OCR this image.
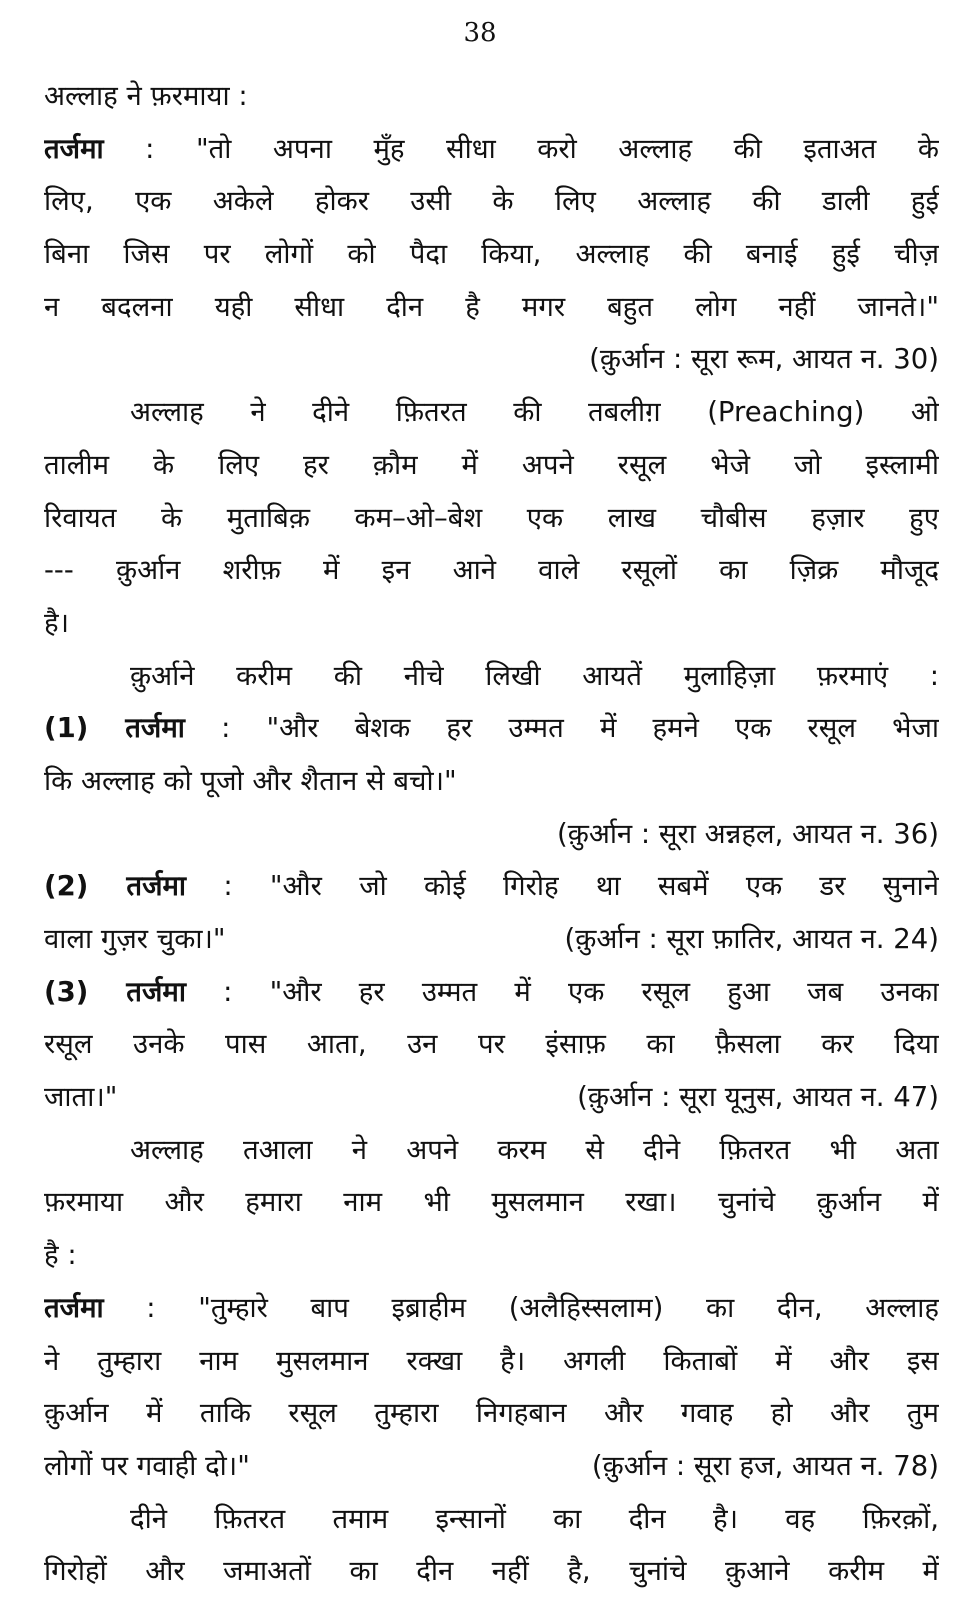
38
अल्लाह ने फ़रमाया :
तर्जमा : "तो अपना मुँह सीधा करो अल्लाह की इताअत के
लिए, एक अकेले होकर उसी के लिए अल्लाह की डाली हुई
बिना जिस पर लोगों को पैदा किया, अल्लाह की बनाई हुई चीज़
न बदलना यही सीधा दीन है मगर बहुत लोग नहीं जानते।"
(क़ुर्आन : सूरा रूम, आयत न. 30)
अल्लाह ने दीने फ़ितरत की तबलीग़ (Preaching) ओ
तालीम के लिए हर क़ौम में अपने रसूल भेजे जो इस्लामी
रिवायत के मुताबिक़ कम–ओ–बेश एक लाख चौबीस हज़ार हुए
--- क़ुर्आन शरीफ़ में इन आने वाले रसूलों का ज़िक्र मौजूद
है।
क़ुर्आने करीम की नीचे लिखी आयतें मुलाहिज़ा फ़रमाएं :
(1) तर्जमा : "और बेशक हर उम्मत में हमने एक रसूल भेजा
कि अल्लाह को पूजो और शैतान से बचो।"
(क़ुर्आन : सूरा अन्नहल, आयत न. 36)
(2) तर्जमा : "और जो कोई गिरोह था सबमें एक डर सुनाने
वाला गुज़र चुका।"	(क़ुर्आन : सूरा फ़ातिर, आयत न. 24)
(3) तर्जमा : "और हर उम्मत में एक रसूल हुआ जब उनका
रसूल उनके पास आता, उन पर इंसाफ़ का फ़ैसला कर दिया
जाता।"	(क़ुर्आन : सूरा यूनुस, आयत न. 47)
अल्लाह तआला ने अपने करम से दीने फ़ितरत भी अता
फ़रमाया और हमारा नाम भी मुसलमान रखा। चुनांचे क़ुर्आन में
है :
तर्जमा : "तुम्हारे बाप इब्राहीम (अलैहिस्सलाम) का दीन, अल्लाह
ने तुम्हारा नाम मुसलमान रक्खा है। अगली किताबों में और इस
क़ुर्आन में ताकि रसूल तुम्हारा निगहबान और गवाह हो और तुम
लोगों पर गवाही दो।"	(क़ुर्आन : सूरा हज, आयत न. 78)
दीने फ़ितरत तमाम इन्सानों का दीन है। वह फ़िरक़ों,
गिरोहों और जमाअतों का दीन नहीं है, चुनांचे क़ुआने करीम में
